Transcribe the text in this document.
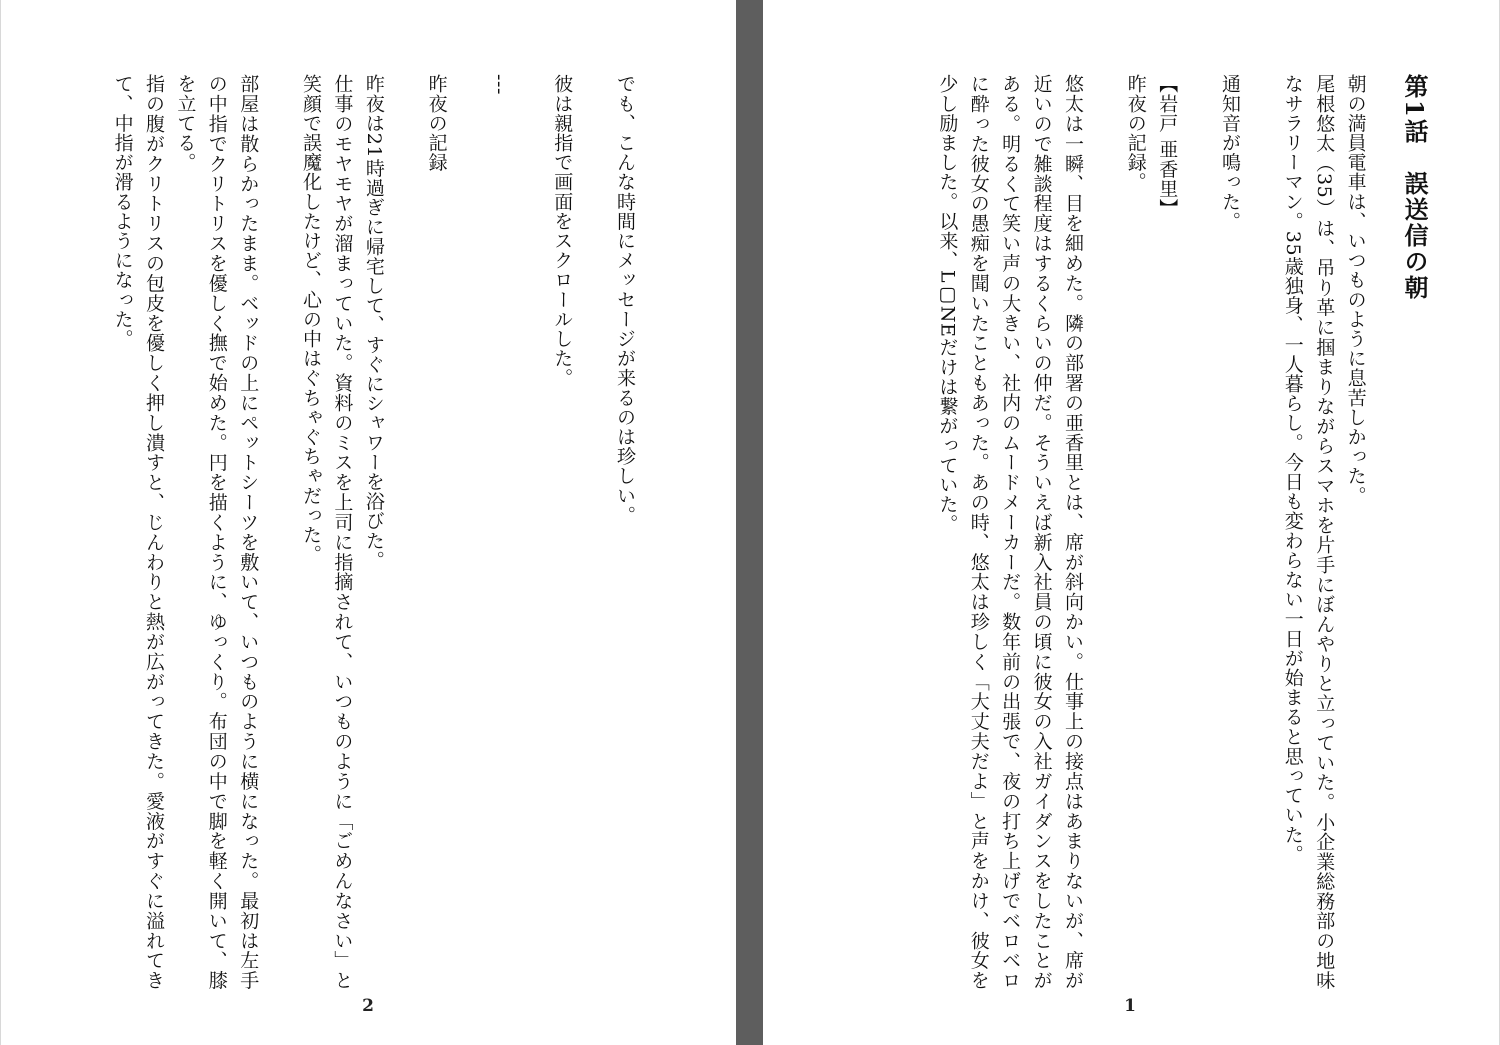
でも、こんな時間にメッセージが来るのは珍しい。

彼は親指で画面をスクロールした。

---

昨夜の記録

昨夜は21時過ぎに帰宅して、すぐにシャワーを浴びた。

仕事のモヤモヤが溜まっていた。資料のミスを上司に指摘されて、いつものように「ごめんなさい」と笑顔で誤魔化したけど、心の中はぐちゃぐちゃだった。

部屋は散らかったまま。ベッドの上にペットシーツを敷いて、いつものように横になった。最初は左手の中指でクリトリスを優しく撫で始めた。円を描くように、ゆっくり。布団の中で脚を軽く開いて、膝を立てる。

指の腹がクリトリスの包皮を優しく押し潰すと、じんわりと熱が広がってきた。愛液がすぐに溢れてきて、中指が滑るようになった。

2

第1話　誤送信の朝

朝の満員電車は、いつものように息苦しかった。

尾根悠太（35）は、吊り革に掴まりながらスマホを片手にぼんやりと立っていた。小企業総務部の地味なサラリーマン。35歳独身、一人暮らし。今日も変わらない一日が始まると思っていた。

通知音が鳴った。

【岩戸 亜香里】

昨夜の記録。

悠太は一瞬、目を細めた。隣の部署の亜香里とは、席が斜向かい。仕事上の接点はあまりないが、席が近いので雑談程度はするくらいの仲だ。そういえば新入社員の頃に彼女の入社ガイダンスをしたことがある。明るくて笑い声の大きい、社内のムードメーカーだ。数年前の出張で、夜の打ち上げでベロベロに酔った彼女の愚痴を聞いたこともあった。あの時、悠太は珍しく「大丈夫だよ」と声をかけ、彼女を少し励ました。以来、L▢NEだけは繋がっていた。

1
